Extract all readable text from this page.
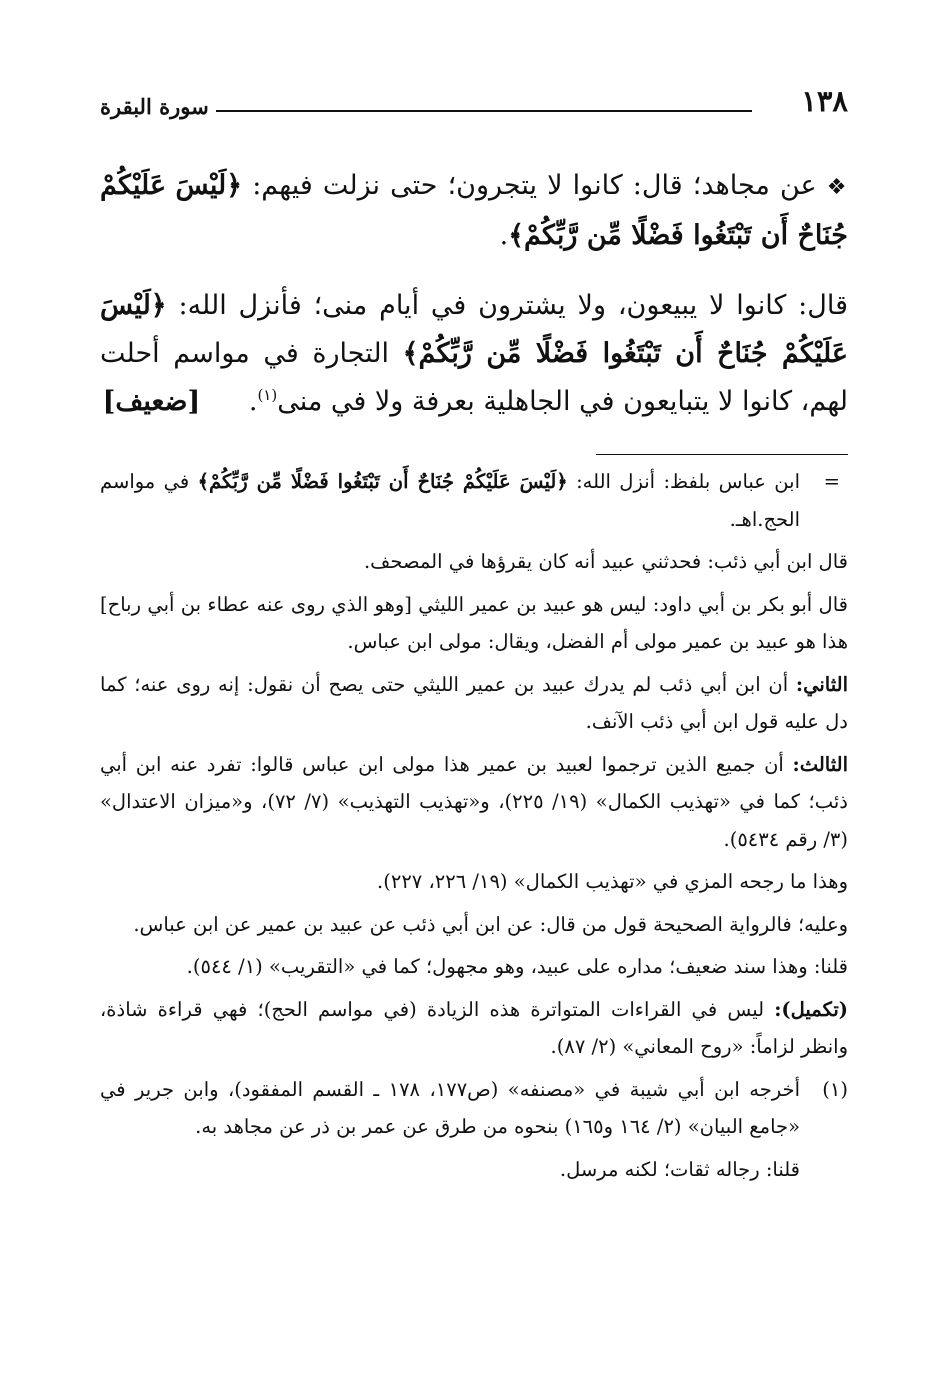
١٣٨
سورة البقرة

❖ عن مجاهد؛ قال: كانوا لا يتجرون؛ حتى نزلت فيهم: ﴿لَيْسَ عَلَيْكُمْ جُنَاحٌ أَن تَبْتَغُوا فَضْلًا مِّن رَّبِّكُمْ﴾.

قال: كانوا لا يبيعون، ولا يشترون في أيام منى؛ فأنزل الله: ﴿لَيْسَ عَلَيْكُمْ جُنَاحٌ أَن تَبْتَغُوا فَضْلًا مِّن رَّبِّكُمْ﴾ التجارة في مواسم أحلت لهم، كانوا لا يتبايعون في الجاهلية بعرفة ولا في منى$^{(١)}$. [ضعيف]

=
ابن عباس بلفظ: أنزل الله: ﴿لَيْسَ عَلَيْكُمْ جُنَاحٌ أَن تَبْتَغُوا فَضْلًا مِّن رَّبِّكُمْ﴾ في مواسم الحج.اهـ.

قال ابن أبي ذئب: فحدثني عبيد أنه كان يقرؤها في المصحف.

قال أبو بكر بن أبي داود: ليس هو عبيد بن عمير الليثي [وهو الذي روى عنه عطاء بن أبي رباح] هذا هو عبيد بن عمير مولى أم الفضل، ويقال: مولى ابن عباس.

الثاني: أن ابن أبي ذئب لم يدرك عبيد بن عمير الليثي حتى يصح أن نقول: إنه روى عنه؛ كما دل عليه قول ابن أبي ذئب الآنف.

الثالث: أن جميع الذين ترجموا لعبيد بن عمير هذا مولى ابن عباس قالوا: تفرد عنه ابن أبي ذئب؛ كما في «تهذيب الكمال» (١٩/ ٢٢٥)، و«تهذيب التهذيب» (٧/ ٧٢)، و«ميزان الاعتدال» (٣/ رقم ٥٤٣٤).

وهذا ما رجحه المزي في «تهذيب الكمال» (١٩/ ٢٢٦، ٢٢٧).

وعليه؛ فالرواية الصحيحة قول من قال: عن ابن أبي ذئب عن عبيد بن عمير عن ابن عباس.

قلنا: وهذا سند ضعيف؛ مداره على عبيد، وهو مجهول؛ كما في «التقريب» (١/ ٥٤٤).

(تكميل): ليس في القراءات المتواترة هذه الزيادة (في مواسم الحج)؛ فهي قراءة شاذة، وانظر لزاماً: «روح المعاني» (٢/ ٨٧).

(١)
أخرجه ابن أبي شيبة في «مصنفه» (ص١٧٧، ١٧٨ ـ القسم المفقود)، وابن جرير في «جامع البيان» (٢/ ١٦٤ و١٦٥) بنحوه من طرق عن عمر بن ذر عن مجاهد به.

قلنا: رجاله ثقات؛ لكنه مرسل.
